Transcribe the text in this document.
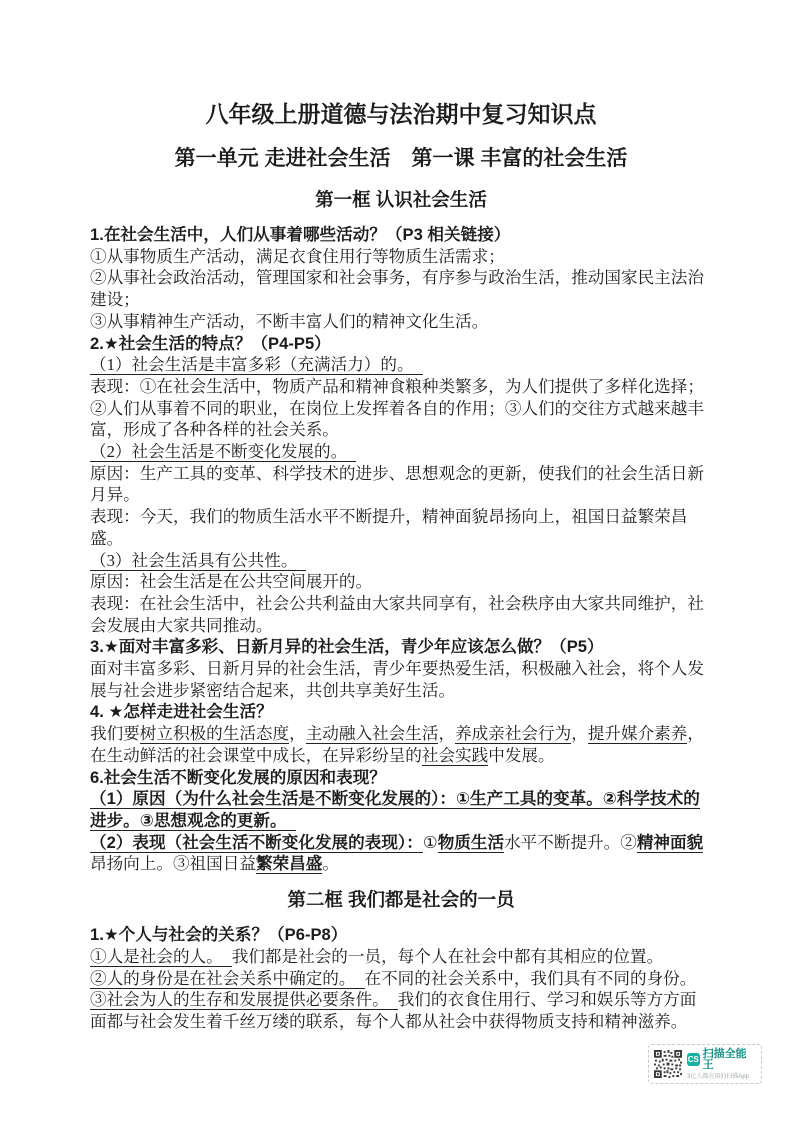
八年级上册道德与法治期中复习知识点
第一单元 走进社会生活　第一课 丰富的社会生活
第一框 认识社会生活
1.在社会生活中，人们从事着哪些活动？（P3 相关链接）
①从事物质生产活动，满足衣食住用行等物质生活需求；
②从事社会政治活动，管理国家和社会事务，有序参与政治生活，推动国家民主法治建设；
③从事精神生产活动，不断丰富人们的精神文化生活。
2.★社会生活的特点？（P4-P5）
（1）社会生活是丰富多彩（充满活力）的。
表现：①在社会生活中，物质产品和精神食粮种类繁多，为人们提供了多样化选择；②人们从事着不同的职业，在岗位上发挥着各自的作用；③人们的交往方式越来越丰富，形成了各种各样的社会关系。
（2）社会生活是不断变化发展的。
原因：生产工具的变革、科学技术的进步、思想观念的更新，使我们的社会生活日新月异。
表现：今天，我们的物质生活水平不断提升，精神面貌昂扬向上，祖国日益繁荣昌盛。
（3）社会生活具有公共性。
原因：社会生活是在公共空间展开的。
表现：在社会生活中，社会公共利益由大家共同享有，社会秩序由大家共同维护，社会发展由大家共同推动。
3.★面对丰富多彩、日新月异的社会生活，青少年应该怎么做？（P5）
面对丰富多彩、日新月异的社会生活，青少年要热爱生活，积极融入社会，将个人发展与社会进步紧密结合起来，共创共享美好生活。
4. ★怎样走进社会生活？
我们要树立积极的生活态度，主动融入社会生活，养成亲社会行为，提升媒介素养，在生动鲜活的社会课堂中成长，在异彩纷呈的社会实践中发展。
6.社会生活不断变化发展的原因和表现？
（1）原因（为什么社会生活是不断变化发展的）：①生产工具的变革。②科学技术的进步。③思想观念的更新。
（2）表现（社会生活不断变化发展的表现）：①物质生活水平不断提升。②精神面貌昂扬向上。③祖国日益繁荣昌盛。
第二框 我们都是社会的一员
1.★个人与社会的关系？（P6-P8）
①人是社会的人。 我们都是社会的一员，每个人在社会中都有其相应的位置。
②人的身份是在社会关系中确定的。 在不同的社会关系中，我们具有不同的身份。
③社会为人的生存和发展提供必要条件。 我们的衣食住用行、学习和娱乐等方方面面都与社会发生着千丝万缕的联系，每个人都从社会中获得物质支持和精神滋养。
CS 扫描全能王
3亿人都在用的扫描App
